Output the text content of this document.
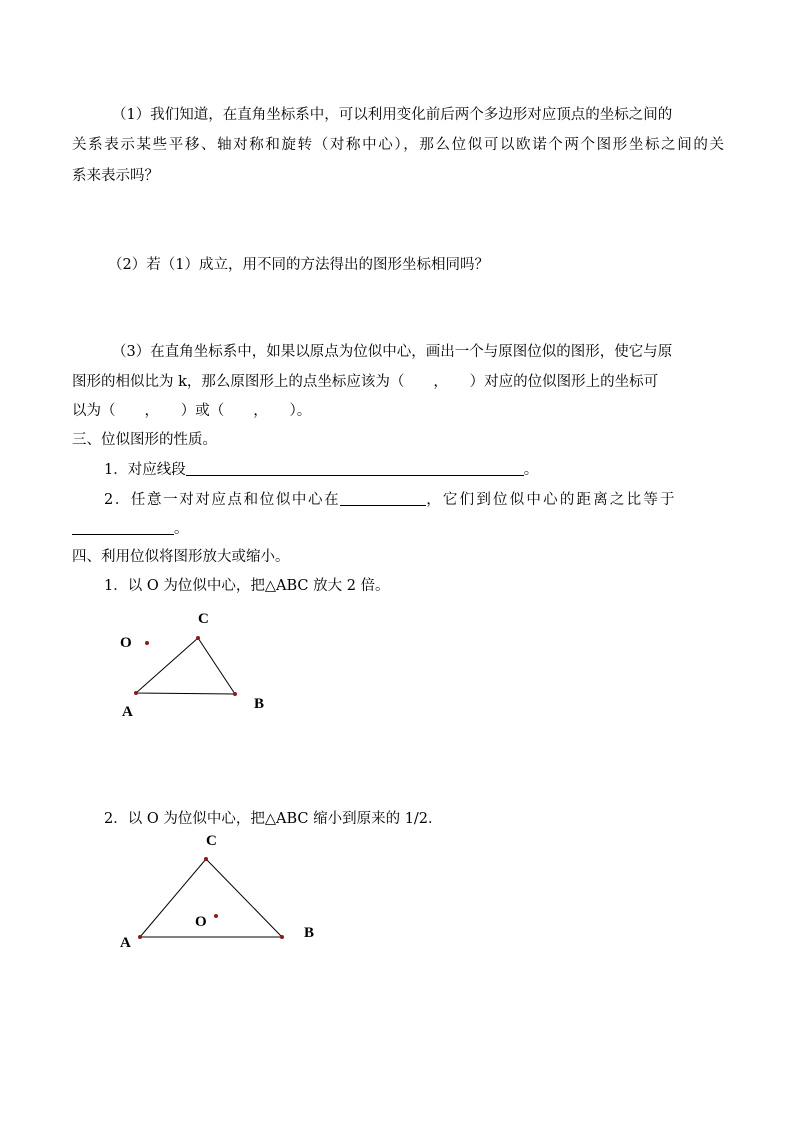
（1）我们知道，在直角坐标系中，可以利用变化前后两个多边形对应顶点的坐标之间的
关系表示某些平移、轴对称和旋转（对称中心），那么位似可以欧诺个两个图形坐标之间的关
系来表示吗？
（2）若（1）成立，用不同的方法得出的图形坐标相同吗？
（3）在直角坐标系中，如果以原点为位似中心，画出一个与原图位似的图形，使它与原
图形的相似比为 k，那么原图形上的点坐标应该为（　　，　　）对应的位似图形上的坐标可
以为（　　，　　）或（　　，　　）。
三、位似图形的性质。
1．对应线段	。
2．任意一对对应点和位似中心在	，它们到位似中心的距离之比等于
。
四、利用位似将图形放大或缩小。
1．以 O 为位似中心，把△ABC 放大 2 倍。
O
C
A	B
2．以 O 为位似中心，把△ABC 缩小到原来的 1/2．
C
O
A
B
